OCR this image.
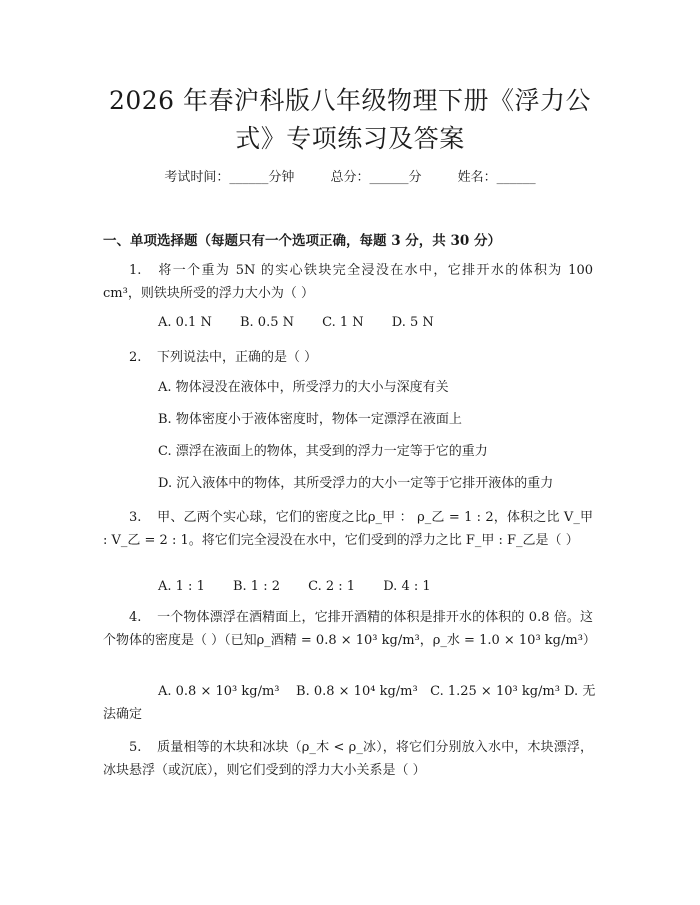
2026 年春沪科版八年级物理下册《浮力公
式》专项练习及答案
考试时间：______分钟	总分：______分	姓名：______
一、单项选择题（每题只有一个选项正确，每题 3 分，共 30 分）
1. 将一个重为 5N 的实心铁块完全浸没在水中，它排开水的体积为 100 cm³，则铁块所受的浮力大小为（ ）
A. 0.1 N B. 0.5 N C. 1 N D. 5 N
2. 下列说法中，正确的是（ ）
A. 物体浸没在液体中，所受浮力的大小与深度有关
B. 物体密度小于液体密度时，物体一定漂浮在液面上
C. 漂浮在液面上的物体，其受到的浮力一定等于它的重力
D. 沉入液体中的物体，其所受浮力的大小一定等于它排开液体的重力
3. 甲、乙两个实心球，它们的密度之比ρ_甲 ： ρ_乙 = 1 : 2，体积之比 V_甲 : V_乙 = 2 : 1。将它们完全浸没在水中，它们受到的浮力之比 F_甲 : F_乙是（ ）
A. 1 : 1 B. 1 : 2 C. 2 : 1 D. 4 : 1
4. 一个物体漂浮在酒精面上，它排开酒精的体积是排开水的体积的 0.8 倍。这个物体的密度是（ ）（已知ρ_酒精 = 0.8 × 10³ kg/m³，ρ_水 = 1.0 × 10³ kg/m³）
A. 0.8 × 10³ kg/m³ B. 0.8 × 10⁴ kg/m³ C. 1.25 × 10³ kg/m³ D. 无法确定
5. 质量相等的木块和冰块（ρ_木 < ρ_冰），将它们分别放入水中，木块漂浮，冰块悬浮（或沉底），则它们受到的浮力大小关系是（ ）
